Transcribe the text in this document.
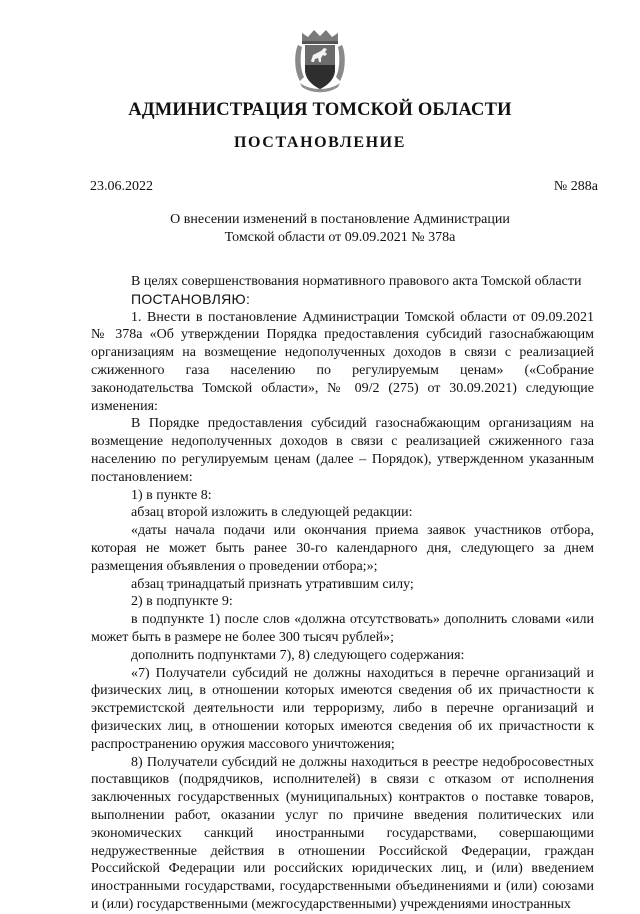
АДМИНИСТРАЦИЯ ТОМСКОЙ ОБЛАСТИ
ПОСТАНОВЛЕНИЕ
23.06.2022	№ 288а
О внесении изменений в постановление Администрации
Томской области от 09.09.2021 № 378а

В целях совершенствования нормативного правового акта Томской области

ПОСТАНОВЛЯЮ:

1. Внести в постановление Администрации Томской области от 09.09.2021 № 378а «Об утверждении Порядка предоставления субсидий газоснабжающим организациям на возмещение недополученных доходов в связи с реализацией сжиженного газа населению по регулируемым ценам» («Собрание законодательства Томской области», № 09/2 (275) от 30.09.2021) следующие изменения:

В Порядке предоставления субсидий газоснабжающим организациям на возмещение недополученных доходов в связи с реализацией сжиженного газа населению по регулируемым ценам (далее – Порядок), утвержденном указанным постановлением:

1) в пункте 8:

абзац второй изложить в следующей редакции:

«даты начала подачи или окончания приема заявок участников отбора, которая не может быть ранее 30-го календарного дня, следующего за днем размещения объявления о проведении отбора;»;

абзац тринадцатый признать утратившим силу;

2) в подпункте 9:

в подпункте 1) после слов «должна отсутствовать» дополнить словами «или может быть в размере не более 300 тысяч рублей»;

дополнить подпунктами 7), 8) следующего содержания:

«7) Получатели субсидий не должны находиться в перечне организаций и физических лиц, в отношении которых имеются сведения об их причастности к экстремистской деятельности или терроризму, либо в перечне организаций и физических лиц, в отношении которых имеются сведения об их причастности к распространению оружия массового уничтожения;

8) Получатели субсидий не должны находиться в реестре недобросовестных поставщиков (подрядчиков, исполнителей) в связи с отказом от исполнения заключенных государственных (муниципальных) контрактов о поставке товаров, выполнении работ, оказании услуг по причине введения политических или экономических санкций иностранными государствами, совершающими недружественные действия в отношении Российской Федерации, граждан Российской Федерации или российских юридических лиц, и (или) введением иностранными государствами, государственными объединениями и (или) союзами и (или) государственными (межгосударственными) учреждениями иностранных
